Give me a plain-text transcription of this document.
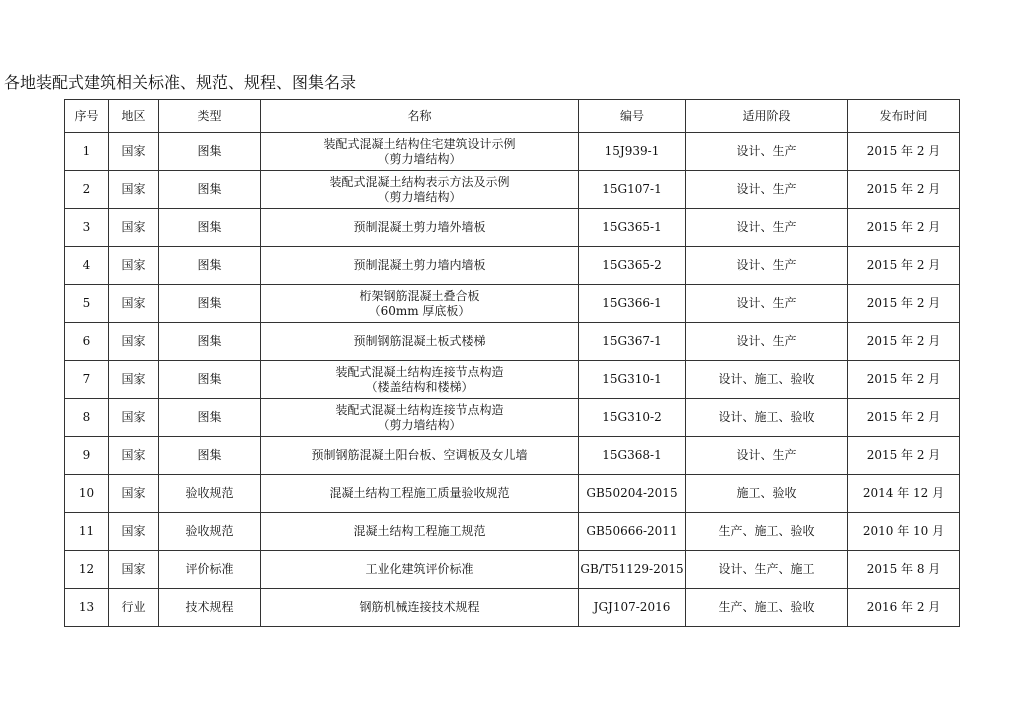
各地装配式建筑相关标准、规范、规程、图集名录
序号	地区	类型	名称	编号	适用阶段	发布时间
1	国家	图集	装配式混凝土结构住宅建筑设计示例
（剪力墙结构）	15J939-1	设计、生产	2015 年 2 月
2	国家	图集	装配式混凝土结构表示方法及示例
（剪力墙结构）	15G107-1	设计、生产	2015 年 2 月
3	国家	图集	预制混凝土剪力墙外墙板	15G365-1	设计、生产	2015 年 2 月
4	国家	图集	预制混凝土剪力墙内墙板	15G365-2	设计、生产	2015 年 2 月
5	国家	图集	桁架钢筋混凝土叠合板
（60mm 厚底板）	15G366-1	设计、生产	2015 年 2 月
6	国家	图集	预制钢筋混凝土板式楼梯	15G367-1	设计、生产	2015 年 2 月
7	国家	图集	装配式混凝土结构连接节点构造
（楼盖结构和楼梯）	15G310-1	设计、施工、验收	2015 年 2 月
8	国家	图集	装配式混凝土结构连接节点构造
（剪力墙结构）	15G310-2	设计、施工、验收	2015 年 2 月
9	国家	图集	预制钢筋混凝土阳台板、空调板及女儿墙	15G368-1	设计、生产	2015 年 2 月
10	国家	验收规范	混凝土结构工程施工质量验收规范	GB50204-2015	施工、验收	2014 年 12 月
11	国家	验收规范	混凝土结构工程施工规范	GB50666-2011	生产、施工、验收	2010 年 10 月
12	国家	评价标准	工业化建筑评价标准	GB/T51129-2015	设计、生产、施工	2015 年 8 月
13	行业	技术规程	钢筋机械连接技术规程	JGJ107-2016	生产、施工、验收	2016 年 2 月
